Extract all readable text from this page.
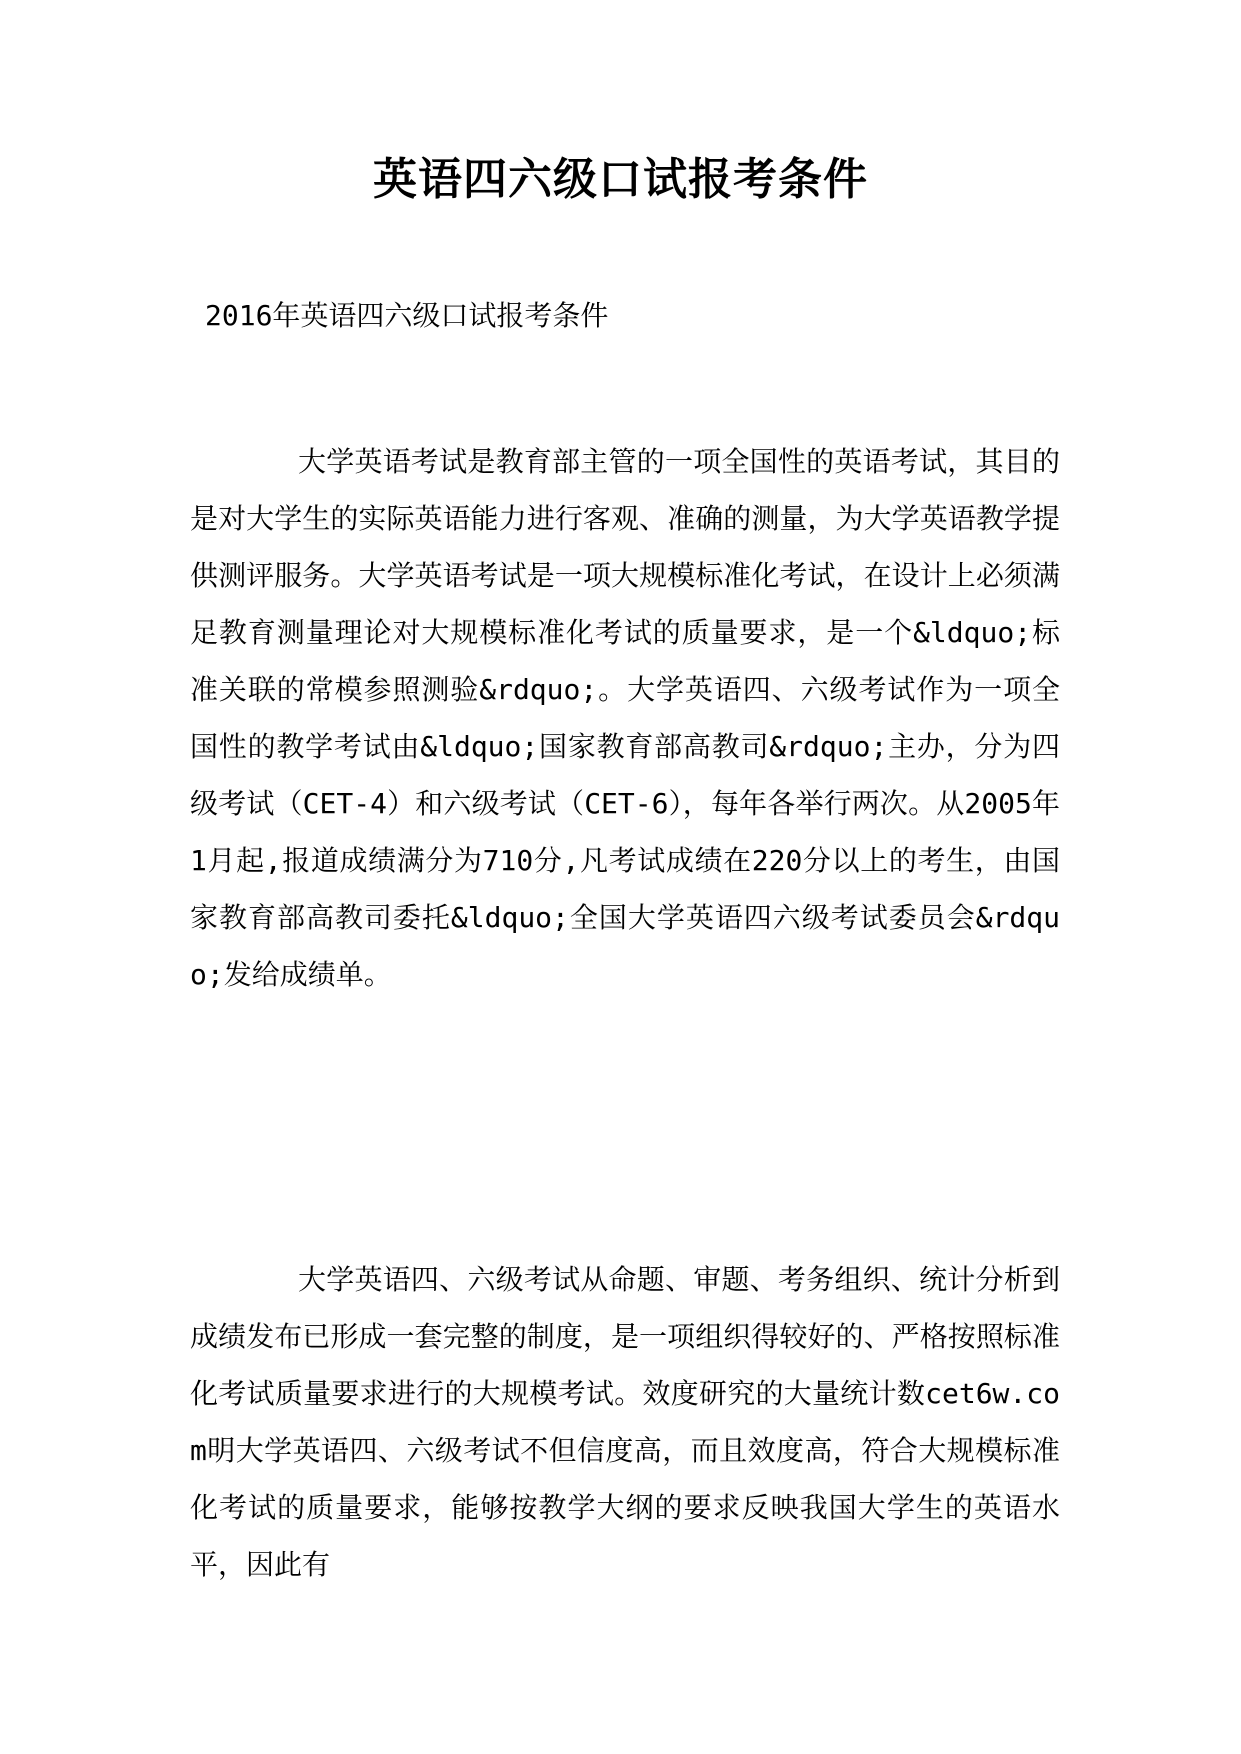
英语四六级口试报考条件
2016年英语四六级口试报考条件

大学英语考试是教育部主管的一项全国性的英语考试，其目的是对大学生的实际英语能力进行客观、准确的测量，为大学英语教学提供测评服务。大学英语考试是一项大规模标准化考试，在设计上必须满足教育测量理论对大规模标准化考试的质量要求，是一个&ldquo;标准关联的常模参照测验&rdquo;。大学英语四、六级考试作为一项全国性的教学考试由&ldquo;国家教育部高教司&rdquo;主办，分为四级考试（CET-4）和六级考试（CET-6），每年各举行两次。从2005年1月起,报道成绩满分为710分,凡考试成绩在220分以上的考生，由国家教育部高教司委托&ldquo;全国大学英语四六级考试委员会&rdquo;发给成绩单。

大学英语四、六级考试从命题、审题、考务组织、统计分析到成绩发布已形成一套完整的制度，是一项组织得较好的、严格按照标准化考试质量要求进行的大规模考试。效度研究的大量统计数cet6w.com明大学英语四、六级考试不但信度高，而且效度高，符合大规模标准化考试的质量要求，能够按教学大纲的要求反映我国大学生的英语水平，因此有
